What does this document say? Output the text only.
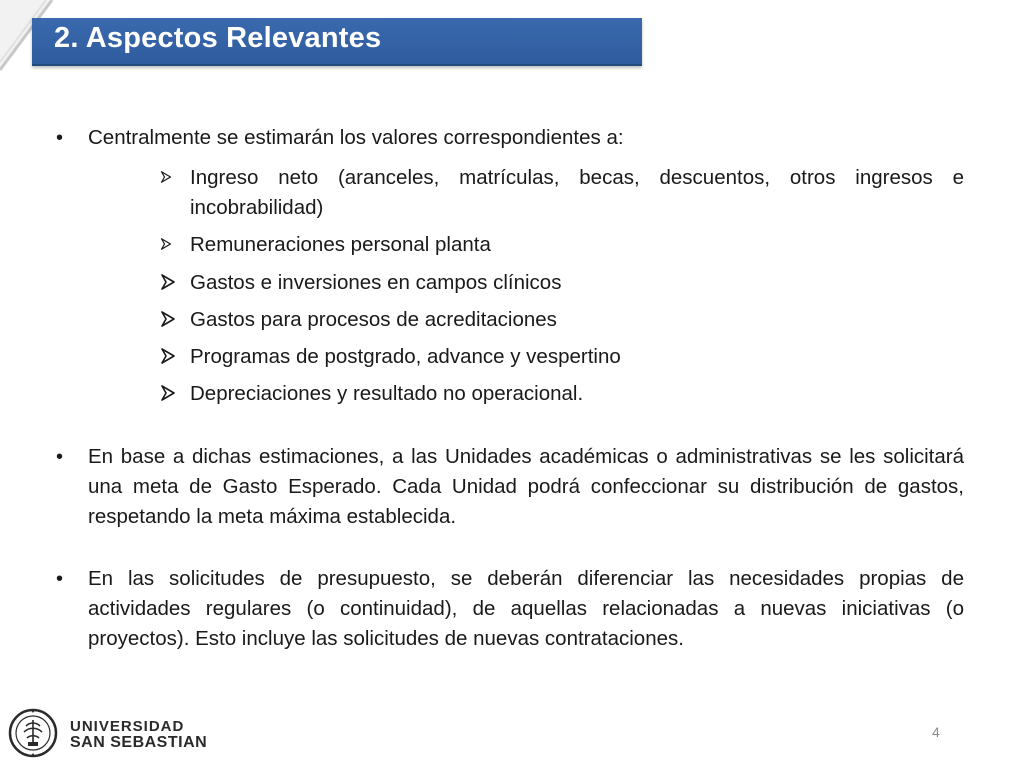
2. Aspectos Relevantes
• Centralmente se estimarán los valores correspondientes a:
Ingreso neto (aranceles, matrículas, becas, descuentos, otros ingresos e incobrabilidad)
Remuneraciones personal planta
Gastos e inversiones en campos clínicos
Gastos para procesos de acreditaciones
Programas de postgrado, advance y vespertino
Depreciaciones y resultado no operacional.
• En base a dichas estimaciones, a las Unidades académicas o administrativas se les solicitará una meta de Gasto Esperado. Cada Unidad podrá confeccionar su distribución de gastos, respetando la meta máxima establecida.
• En las solicitudes de presupuesto, se deberán diferenciar las necesidades propias de actividades regulares (o continuidad), de aquellas relacionadas a nuevas iniciativas (o proyectos). Esto incluye las solicitudes de nuevas contrataciones.
UNIVERSIDAD
SAN SEBASTIAN
4
